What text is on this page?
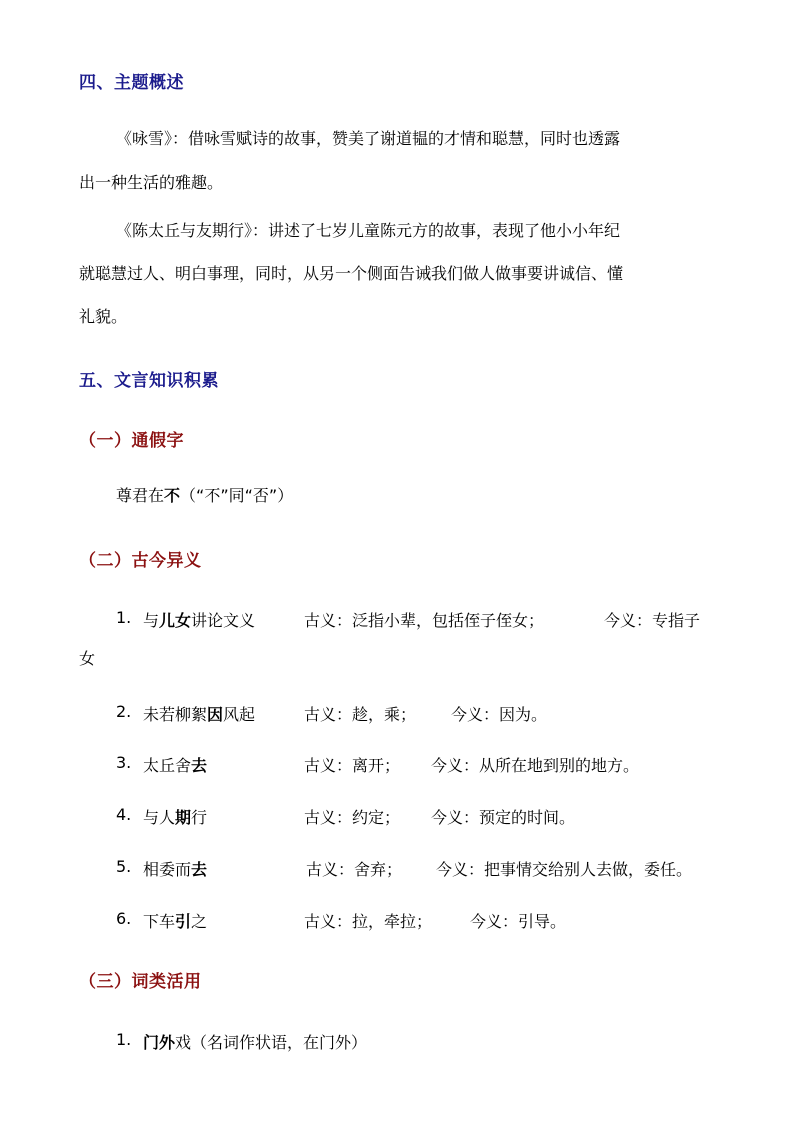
四、主题概述
《咏雪》：借咏雪赋诗的故事，赞美了谢道韫的才情和聪慧，同时也透露
出一种生活的雅趣。
《陈太丘与友期行》：讲述了七岁儿童陈元方的故事，表现了他小小年纪
就聪慧过人、明白事理，同时，从另一个侧面告诫我们做人做事要讲诚信、懂
礼貌。
五、文言知识积累
（一）通假字
尊君在不（“不”同“否”）
（二）古今异义
1. 与儿女讲论文义	古义：泛指小辈，包括侄子侄女；	今义：专指子
女
2. 未若柳絮因风起	古义：趁，乘； 今义：因为。
3. 太丘舍去	古义：离开； 今义：从所在地到别的地方。
4. 与人期行	古义：约定； 今义：预定的时间。
5. 相委而去	古义：舍弃； 今义：把事情交给别人去做，委任。
6. 下车引之	古义：拉，牵拉； 今义：引导。
（三）词类活用
1. 门外戏（名词作状语，在门外）
